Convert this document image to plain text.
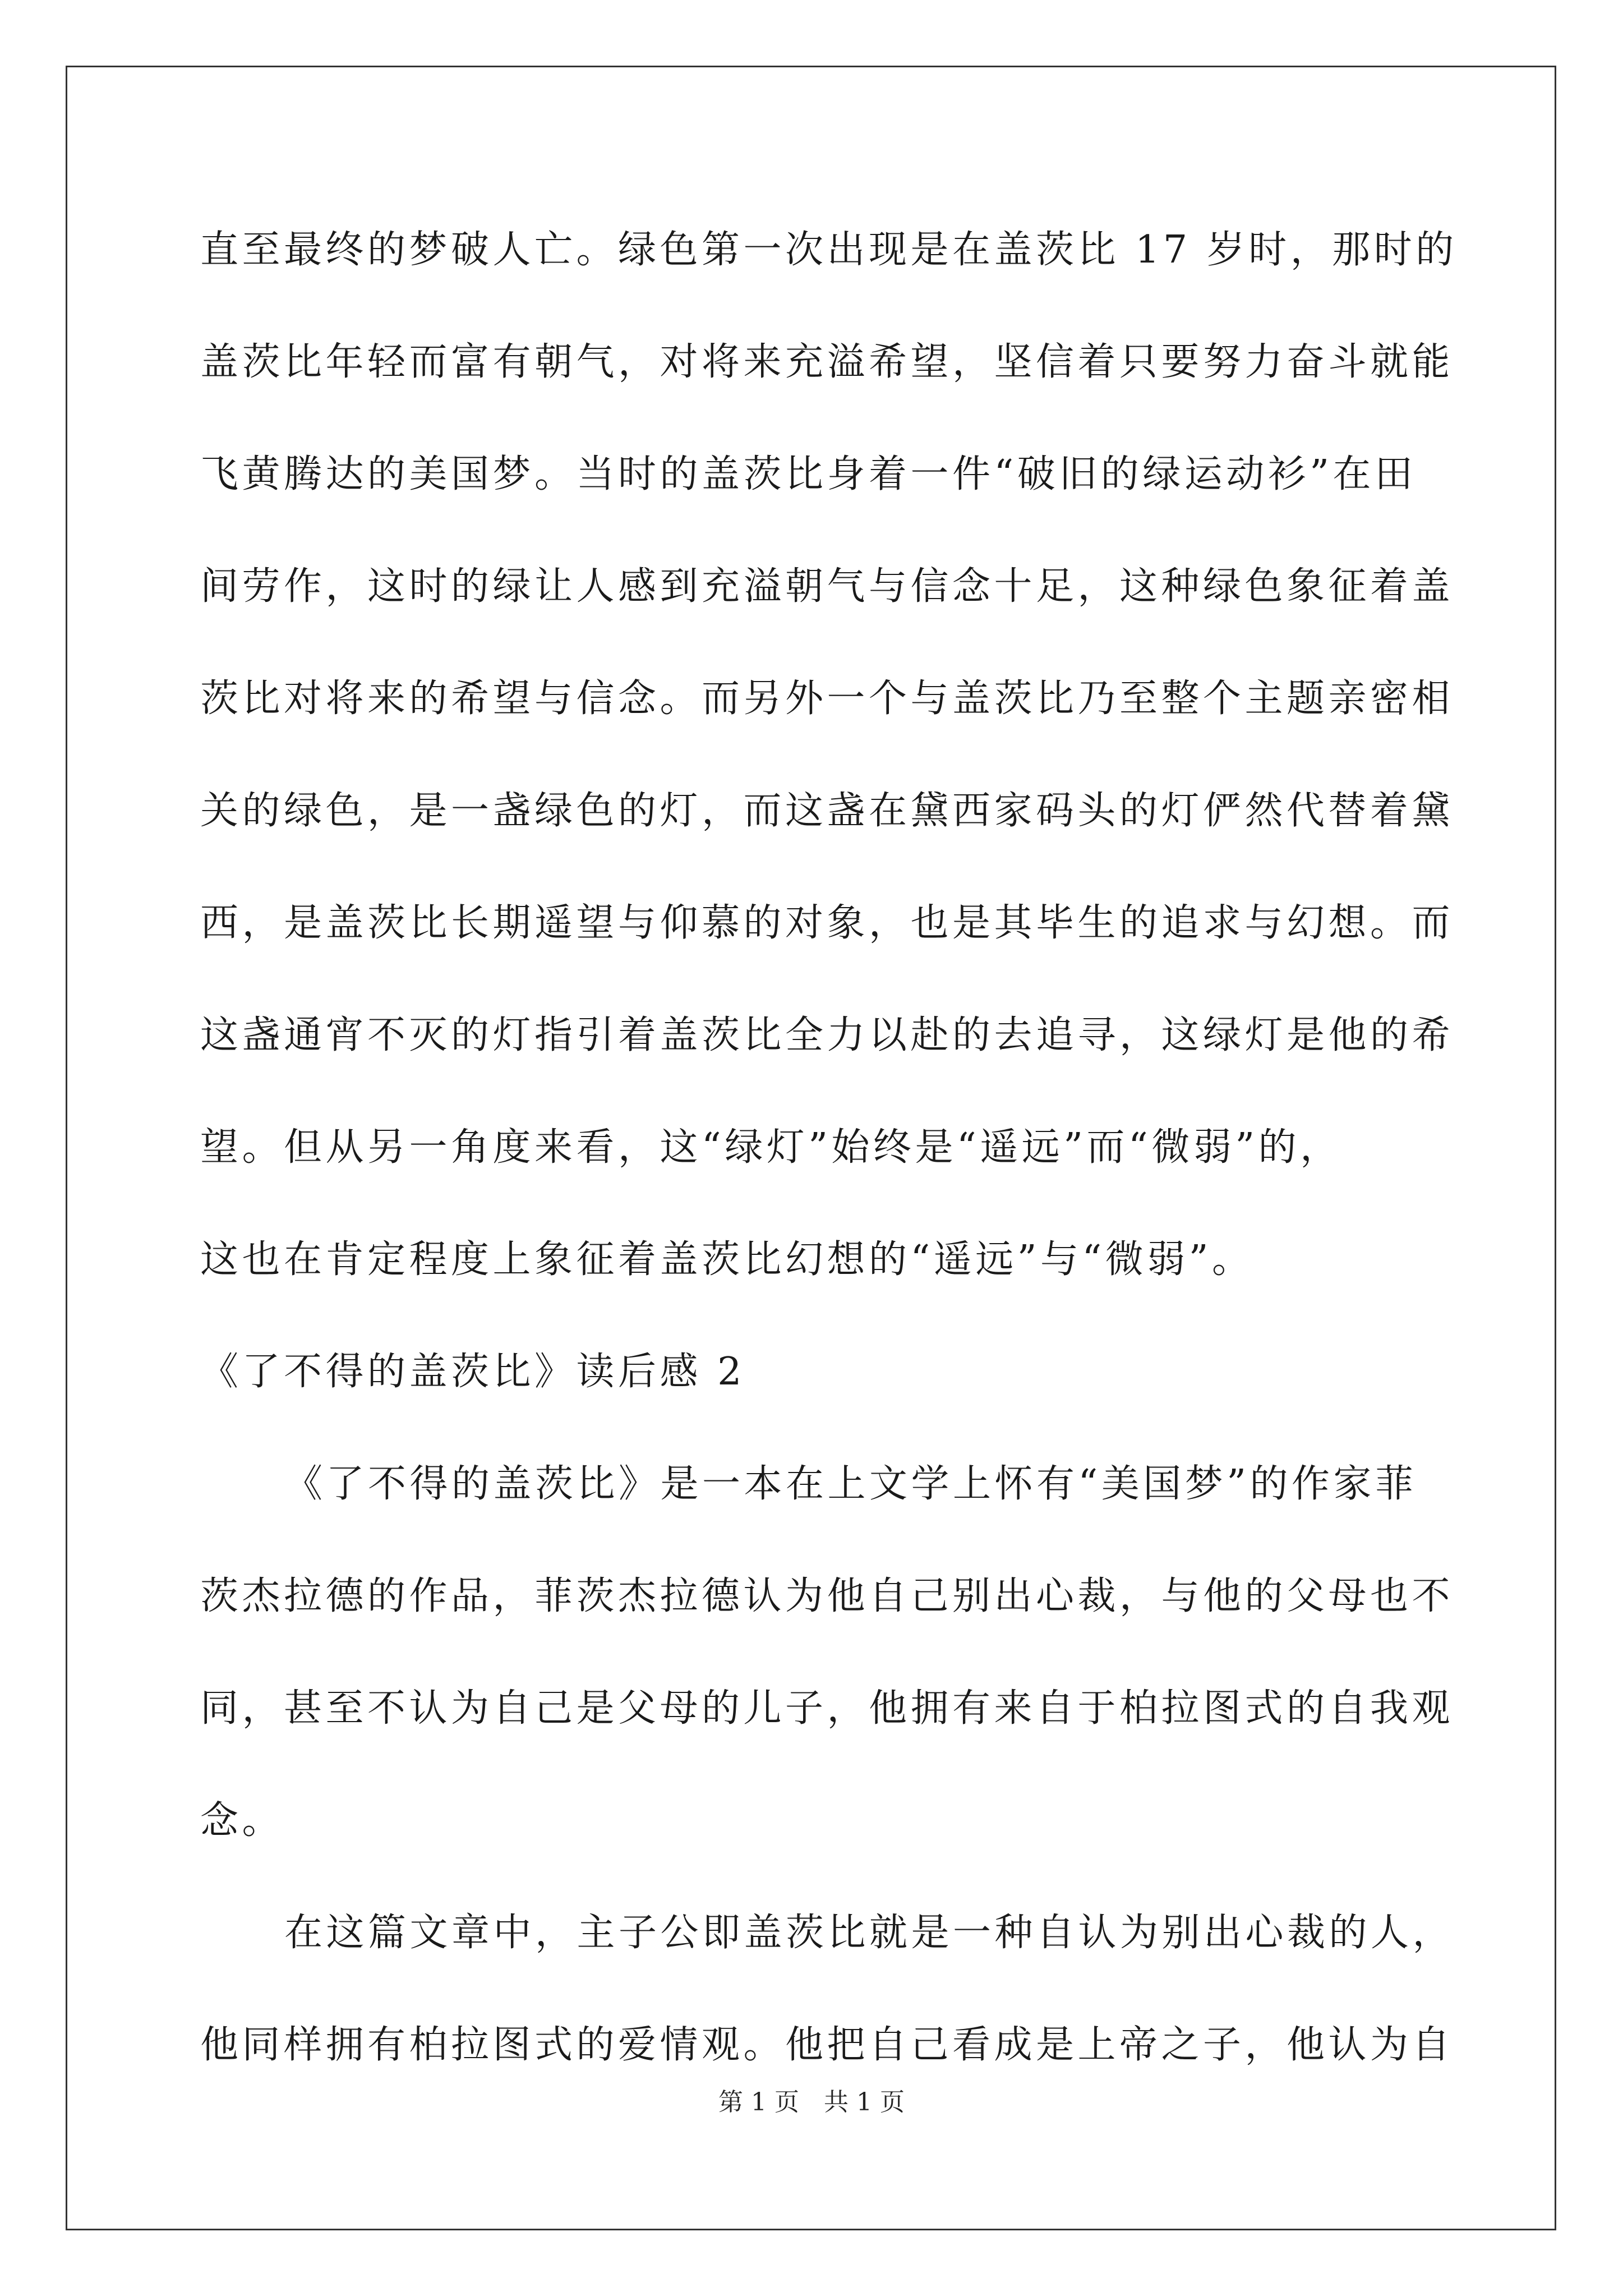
直至最终的梦破人亡。绿色第一次出现是在盖茨比 17 岁时，那时的
盖茨比年轻而富有朝气，对将来充溢希望，坚信着只要努力奋斗就能
飞黄腾达的美国梦。当时的盖茨比身着一件“破旧的绿运动衫”在田
间劳作，这时的绿让人感到充溢朝气与信念十足，这种绿色象征着盖
茨比对将来的希望与信念。而另外一个与盖茨比乃至整个主题亲密相
关的绿色，是一盏绿色的灯，而这盏在黛西家码头的灯俨然代替着黛
西，是盖茨比长期遥望与仰慕的对象，也是其毕生的追求与幻想。而
这盏通宵不灭的灯指引着盖茨比全力以赴的去追寻，这绿灯是他的希
望。但从另一角度来看，这“绿灯”始终是“遥远”而“微弱”的，
这也在肯定程度上象征着盖茨比幻想的“遥远”与“微弱”。
《了不得的盖茨比》读后感 2
《了不得的盖茨比》是一本在上文学上怀有“美国梦”的作家菲
茨杰拉德的作品，菲茨杰拉德认为他自己别出心裁，与他的父母也不
同，甚至不认为自己是父母的儿子，他拥有来自于柏拉图式的自我观
念。
在这篇文章中，主子公即盖茨比就是一种自认为别出心裁的人，
他同样拥有柏拉图式的爱情观。他把自己看成是上帝之子，他认为自
第 1 页　共 1 页
